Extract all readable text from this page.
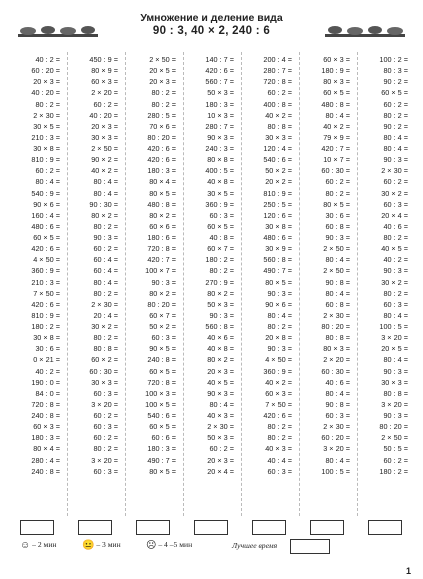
Умножение и деление вида
90 : 3, 40 × 2, 240 : 6
40 : 2 =
60 : 20 =
20 × 3 =
40 : 20 =
80 : 2 =
2 × 30 =
30 × 5 =
210 : 3 =
30 × 8 =
810 : 9 =
60 : 2 =
80 : 4 =
540 : 9 =
90 × 6 =
160 : 4 =
480 : 6 =
60 × 5 =
420 : 6 =
4 × 50 =
360 : 9 =
210 : 3 =
7 × 50 =
420 : 6 =
810 : 9 =
180 : 2 =
30 × 8 =
30 : 6 =
0 × 21 =
40 : 2 =
190 : 0 =
84 : 0 =
720 : 8 =
240 : 8 =
60 × 3 =
180 : 3 =
80 × 4 =
280 : 4 =
240 : 8 =
450 : 9 =
80 × 9 =
60 × 3 =
2 × 20 =
60 : 2 =
40 : 20 =
20 × 3 =
30 × 3 =
2 × 50 =
90 × 2 =
40 × 2 =
80 : 4 =
80 : 4 =
90 : 30 =
80 × 2 =
80 : 2 =
90 : 3 =
60 : 2 =
60 : 4 =
60 : 4 =
80 : 4 =
80 : 2 =
2 × 30 =
20 : 4 =
30 × 2 =
80 : 2 =
80 : 8 =
60 × 2 =
60 : 30 =
30 × 3 =
60 : 3 =
3 × 20 =
60 : 2 =
60 : 3 =
60 : 2 =
80 : 2 =
3 × 20 =
60 : 3 =
2 × 50 =
20 × 5 =
20 × 3 =
80 : 2 =
80 : 2 =
280 : 5 =
70 × 6 =
80 : 20 =
420 : 6 =
420 : 6 =
180 : 3 =
80 × 4 =
80 × 5 =
480 : 8 =
80 × 2 =
60 × 6 =
180 : 6 =
720 : 8 =
420 : 7 =
100 × 7 =
90 : 3 =
80 × 2 =
80 : 20 =
60 × 7 =
50 × 2 =
60 : 3 =
90 × 5 =
240 : 8 =
60 × 5 =
720 : 8 =
100 × 3 =
100 × 5 =
540 : 6 =
60 × 5 =
60 : 6 =
180 : 3 =
490 : 7 =
80 × 5 =
140 : 7 =
420 : 6 =
560 : 7 =
50 × 3 =
180 : 3 =
10 × 3 =
280 : 7 =
90 × 3 =
240 : 3 =
80 × 8 =
400 : 5 =
40 × 8 =
30 × 5 =
360 : 9 =
60 : 3 =
60 × 5 =
40 : 8 =
60 × 7 =
180 : 2 =
80 : 2 =
270 : 9 =
80 × 2 =
50 × 3 =
90 : 3 =
560 : 8 =
40 × 6 =
40 × 8 =
80 × 2 =
20 × 3 =
40 × 5 =
90 × 3 =
80 : 4 =
40 × 3 =
2 × 30 =
50 × 3 =
60 : 2 =
20 × 3 =
20 × 4 =
200 : 4 =
280 : 7 =
720 : 8 =
60 : 2 =
400 : 8 =
40 × 2 =
80 : 8 =
30 × 3 =
120 : 4 =
540 : 6 =
50 × 2 =
20 × 2 =
810 : 9 =
250 : 5 =
120 : 6 =
30 × 8 =
480 : 6 =
30 × 9 =
560 : 8 =
490 : 7 =
80 × 5 =
90 : 3 =
90 × 6 =
80 : 4 =
80 : 2 =
20 × 8 =
90 : 3 =
4 × 50 =
360 : 9 =
40 × 2 =
60 × 3 =
7 × 50 =
420 : 6 =
80 : 2 =
80 : 2 =
40 × 3 =
40 : 4 =
60 : 3 =
60 × 3 =
180 : 9 =
80 × 3 =
60 × 5 =
480 : 8 =
80 : 4 =
40 × 2 =
79 × 9 =
420 : 7 =
10 × 7 =
60 : 30 =
60 : 2 =
80 : 2 =
80 × 5 =
30 : 6 =
60 : 8 =
90 : 3 =
2 × 50 =
80 : 4 =
2 × 50 =
90 : 8 =
80 : 4 =
60 : 8 =
2 × 30 =
80 : 20 =
80 : 8 =
80 × 3 =
2 × 20 =
60 : 30 =
40 : 6 =
80 : 4 =
90 : 8 =
60 : 3 =
2 × 30 =
60 : 20 =
3 × 20 =
80 : 4 =
100 : 5 =
100 : 2 =
80 : 3 =
90 : 2 =
60 × 5 =
60 : 2 =
80 : 2 =
90 : 2 =
80 : 4 =
80 : 4 =
90 : 3 =
2 × 30 =
60 : 2 =
30 × 2 =
60 : 3 =
20 × 4 =
40 : 6 =
80 : 2 =
40 × 5 =
40 : 2 =
90 : 3 =
30 × 2 =
80 : 2 =
60 : 3 =
80 : 4 =
100 : 5 =
3 × 20 =
20 × 5 =
80 : 4 =
90 : 3 =
30 × 3 =
80 : 8 =
3 × 20 =
90 : 3 =
80 : 20 =
2 × 50 =
50 : 5 =
60 : 2 =
180 : 2 =
☺ – 2 мин	😐 – 3 мин	☹ – 4 –5 мин	Лучшее время
1
